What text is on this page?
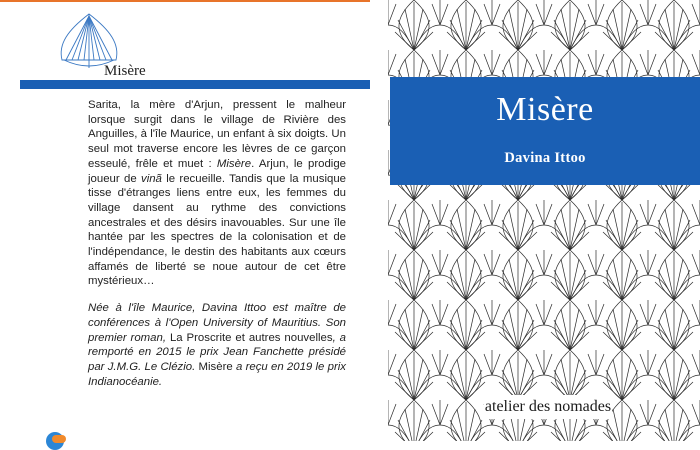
Misère

Sarita, la mère d'Arjun, pressent le malheur lorsque surgit dans le village de Rivière des Anguilles, à l'île Maurice, un enfant à six doigts. Un seul mot traverse encore les lèvres de ce garçon esseulé, frêle et muet : Misère. Arjun, le prodige joueur de vinã le recueille. Tandis que la musique tisse d'étranges liens entre eux, les femmes du village dansent au rythme des convictions ancestrales et des désirs inavouables. Sur une île hantée par les spectres de la colonisation et de l'indépendance, le destin des habitants aux cœurs affamés de liberté se noue autour de cet être mystérieux…

Née à l'île Maurice, Davina Ittoo est maître de conférences à l'Open University of Mauritius. Son premier roman, La Proscrite et autres nouvelles, a remporté en 2015 le prix Jean Fanchette présidé par J.M.G. Le Clézio. Misère a reçu en 2019 le prix Indianocéanie.

Misère
Davina Ittoo
atelier des nomades
